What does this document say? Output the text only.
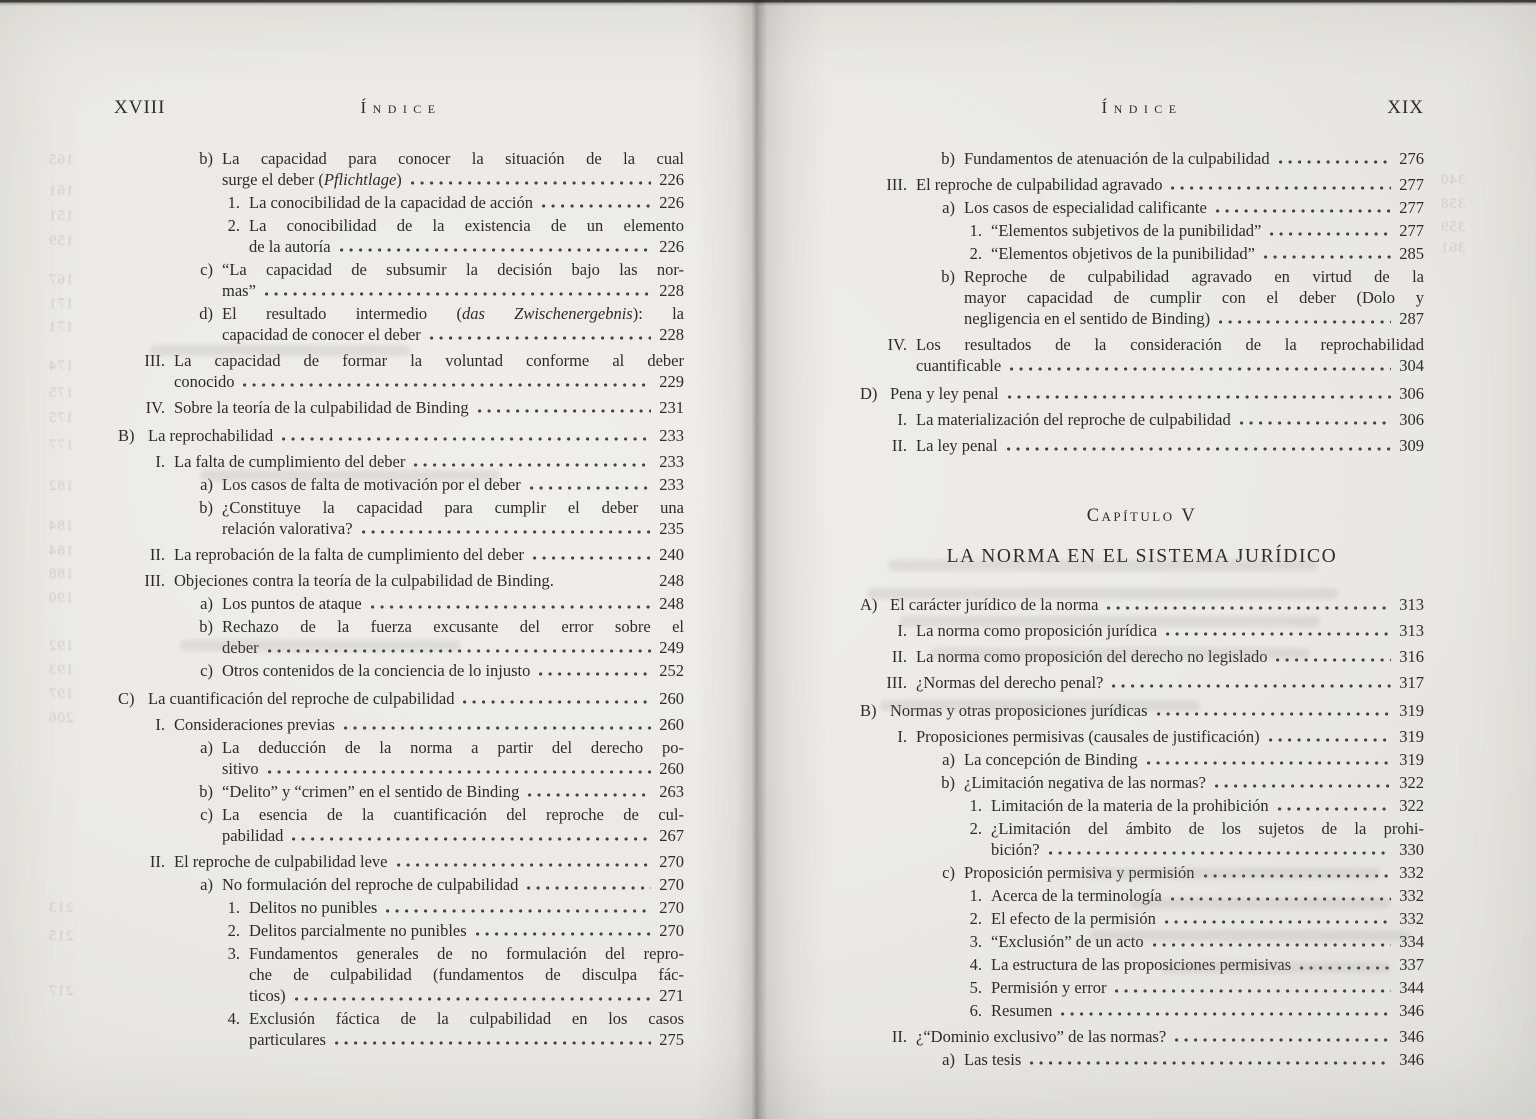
165
161
151
159
167
171
171
174
175
175
177
182
184
184
188
190
192
193
197
206
213
215
217
340
358
359
361
XVIII	Índice
b) La capacidad para conocer la situación de la cual
surge el deber (Pflichtlage)	226
1. La conocibilidad de la capacidad de acción	226
2. La conocibilidad de la existencia de un elemento
de la autoría	226
c) “La capacidad de subsumir la decisión bajo las nor-
mas”	228
d) El resultado intermedio (das Zwischenergebnis): la
capacidad de conocer el deber	228
III. La capacidad de formar la voluntad conforme al deber
conocido	229
IV. Sobre la teoría de la culpabilidad de Binding	231
B) La reprochabilidad	233
I. La falta de cumplimiento del deber	233
a) Los casos de falta de motivación por el deber	233
b) ¿Constituye la capacidad para cumplir el deber una
relación valorativa?	235
II. La reprobación de la falta de cumplimiento del deber	240
III. Objeciones contra la teoría de la culpabilidad de Binding.	248
a) Los puntos de ataque	248
b) Rechazo de la fuerza excusante del error sobre el
deber	249
c) Otros contenidos de la conciencia de lo injusto	252
C) La cuantificación del reproche de culpabilidad	260
I. Consideraciones previas	260
a) La deducción de la norma a partir del derecho po-
sitivo	260
b) “Delito” y “crimen” en el sentido de Binding	263
c) La esencia de la cuantificación del reproche de cul-
pabilidad	267
II. El reproche de culpabilidad leve	270
a) No formulación del reproche de culpabilidad	270
1. Delitos no punibles	270
2. Delitos parcialmente no punibles	270
3. Fundamentos generales de no formulación del repro-
che de culpabilidad (fundamentos de disculpa fác-
ticos)	271
4. Exclusión fáctica de la culpabilidad en los casos
particulares	275
Índice	XIX
b) Fundamentos de atenuación de la culpabilidad	276
III. El reproche de culpabilidad agravado	277
a) Los casos de especialidad calificante	277
1. “Elementos subjetivos de la punibilidad”	277
2. “Elementos objetivos de la punibilidad”	285
b) Reproche de culpabilidad agravado en virtud de la
mayor capacidad de cumplir con el deber (Dolo y
negligencia en el sentido de Binding)	287
IV. Los resultados de la consideración de la reprochabilidad
cuantificable	304
D) Pena y ley penal	306
I. La materialización del reproche de culpabilidad	306
II. La ley penal	309
Capítulo V
LA NORMA EN EL SISTEMA JURÍDICO
A) El carácter jurídico de la norma	313
I. La norma como proposición jurídica	313
II. La norma como proposición del derecho no legislado	316
III. ¿Normas del derecho penal?	317
B) Normas y otras proposiciones jurídicas	319
I. Proposiciones permisivas (causales de justificación)	319
a) La concepción de Binding	319
b) ¿Limitación negativa de las normas?	322
1. Limitación de la materia de la prohibición	322
2. ¿Limitación del ámbito de los sujetos de la prohi-
bición?	330
c) Proposición permisiva y permisión	332
1. Acerca de la terminología	332
2. El efecto de la permisión	332
3. “Exclusión” de un acto	334
4. La estructura de las proposiciones permisivas	337
5. Permisión y error	344
6. Resumen	346
II. ¿“Dominio exclusivo” de las normas?	346
a) Las tesis	346
